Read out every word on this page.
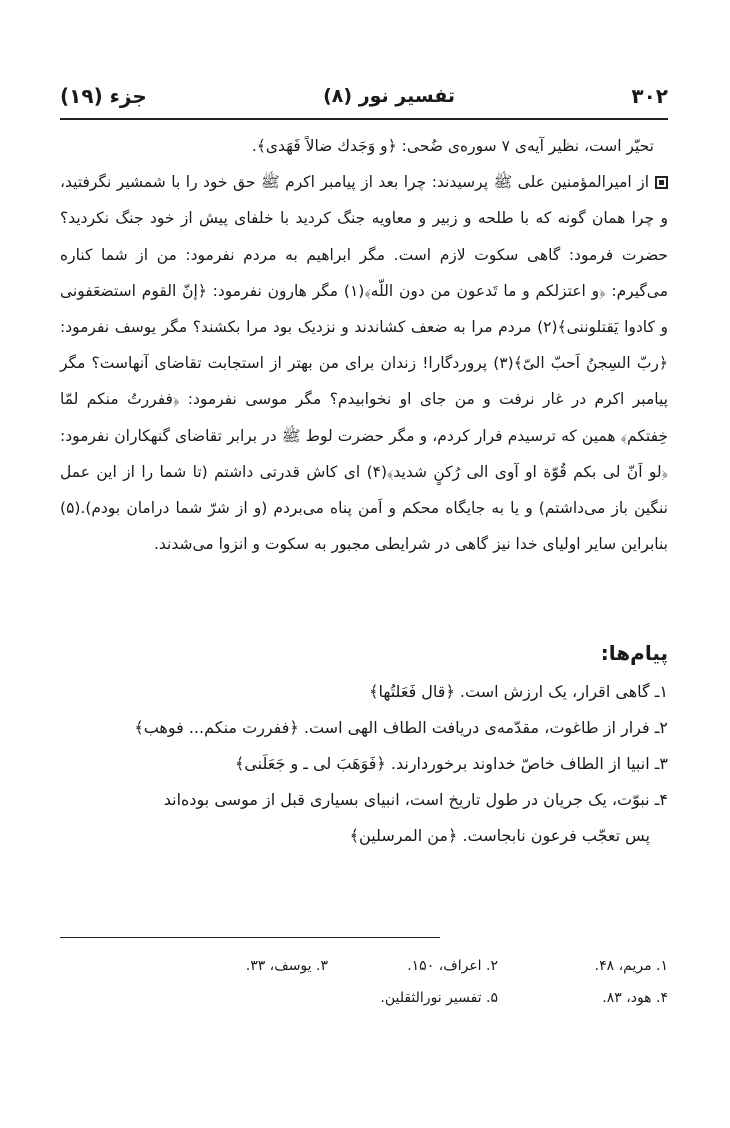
۳۰۲
تفسیر نور (۸)
جزء (۱۹)

تحیّر است، نظیر آیه‌ی ۷ سوره‌ی ضُحی: ﴿و وَجَدك ضالاً فَهَدی﴾.

از امیرالمؤمنین علی ﷺ پرسیدند: چرا بعد از پیامبر اکرم ﷺ حق خود را با شمشیر نگرفتید، و چرا همان گونه که با طلحه و زبیر و معاویه جنگ کردید با خلفای پیش از خود جنگ نکردید؟ حضرت فرمود: گاهی سکوت لازم است. مگر ابراهیم به مردم نفرمود: من از شما کناره می‌گیرم: ﴿و اعتزلکم و ما تَدعون من دون اللّه﴾(۱) مگر هارون نفرمود: ﴿إنّ القوم استضعَفونی و کادوا یَقتلوننی﴾(۲) مردم مرا به ضعف کشاندند و نزدیک بود مرا بکشند؟ مگر یوسف نفرمود: ﴿ربّ السِجنُ اَحبّ الیّ﴾(۳) پروردگارا! زندان برای من بهتر از استجابت تقاضای آنهاست؟ مگر پیامبر اکرم در غار نرفت و من جای او نخوابیدم؟ مگر موسی نفرمود: ﴿ففررتُ منکم لمّا خِفتکم﴾ همین که ترسیدم فرار کردم، و مگر حضرت لوط ﷺ در برابر تقاضای گنهکاران نفرمود: ﴿لو اَنّ لی بکم قُوّة او آوی الی رُکنٍ شدید﴾(۴) ای کاش قدرتی داشتم (تا شما را از این عمل ننگین باز می‌داشتم) و یا به جایگاه محکم و اَمن پناه می‌بردم (و از شرّ شما درامان بودم).(۵) بنابراین سایر اولیای خدا نیز گاهی در شرایطی مجبور به سکوت و انزوا می‌شدند.

پیام‌ها:
۱ـ گاهی اقرار، یک ارزش است. ﴿قال فَعَلتُها﴾
۲ـ فرار از طاغوت، مقدّمه‌ی دریافت الطاف الهی است. ﴿ففررت منکم... فوهب﴾
۳ـ انبیا از الطاف خاصّ خداوند برخوردارند. ﴿فَوَهَبَ لی ـ و جَعَلَنی﴾
۴ـ نبوّت، یک جریان در طول تاریخ است، انبیای بسیاری قبل از موسی بوده‌اند
پس تعجّب فرعون نابجاست. ﴿من المرسلین﴾
۱. مریم، ۴۸.
۲. اعراف، ۱۵۰.
۳. یوسف، ۳۳.
۴. هود، ۸۳.
۵. تفسیر نورالثقلین.
